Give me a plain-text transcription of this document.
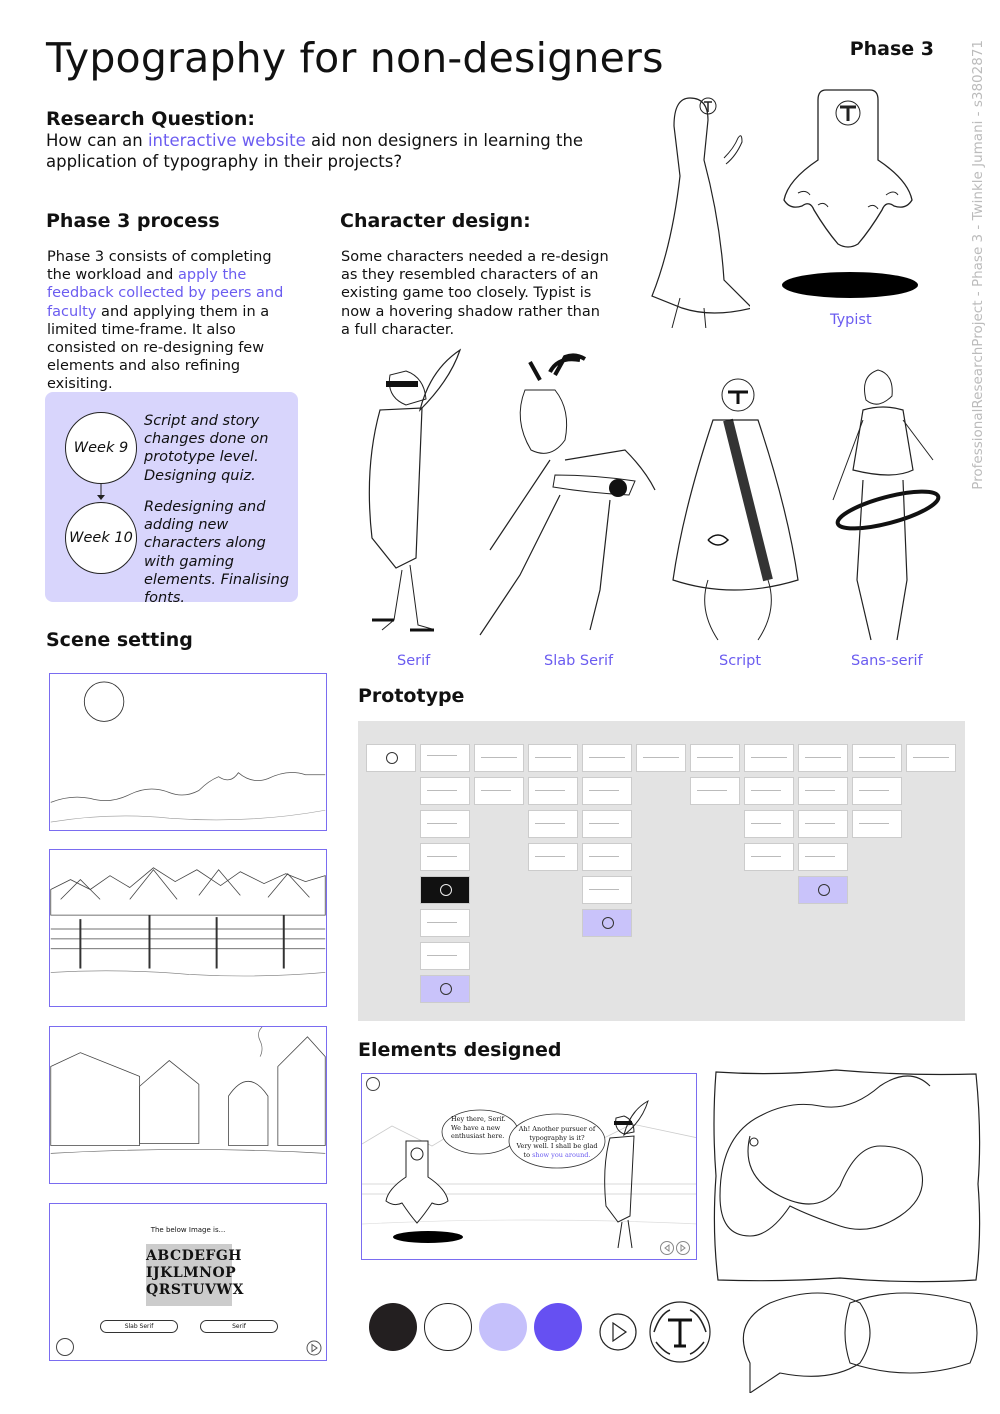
Typography for non-designers	Phase 3	ProfessionalResearchProject - Phase 3 - Twinkle Jumani - s3802871
Research Question:
How can an interactive website aid non designers in learning the application of typography in their projects?
Phase 3 process
Phase 3 consists of completing the workload and apply the feedback collected by peers and faculty and applying them in a limited time-frame. It also consisted on re-designing few elements and also refining exisiting.
Week 9
Script and story changes done on prototype level. Designing quiz.
Week 10
Redesigning and adding new characters along with gaming elements. Finalising fonts.
Character design:
Some characters needed a re-design as they resembled characters of an existing game too closely. Typist is now a hovering shadow rather than a full character.
Typist
Serif	Slab Serif	Script	Sans-serif
Scene setting
The below Image is...
ABCDEFGH
IJKLMNOP
QRSTUVWX
Slab Serif	Serif
Prototype
Elements designed
Hey there, Serif.
We have a new
enthusiast here.
Ah! Another pursuer of
typography is it?
Very well. I shall be glad
to show you around.
